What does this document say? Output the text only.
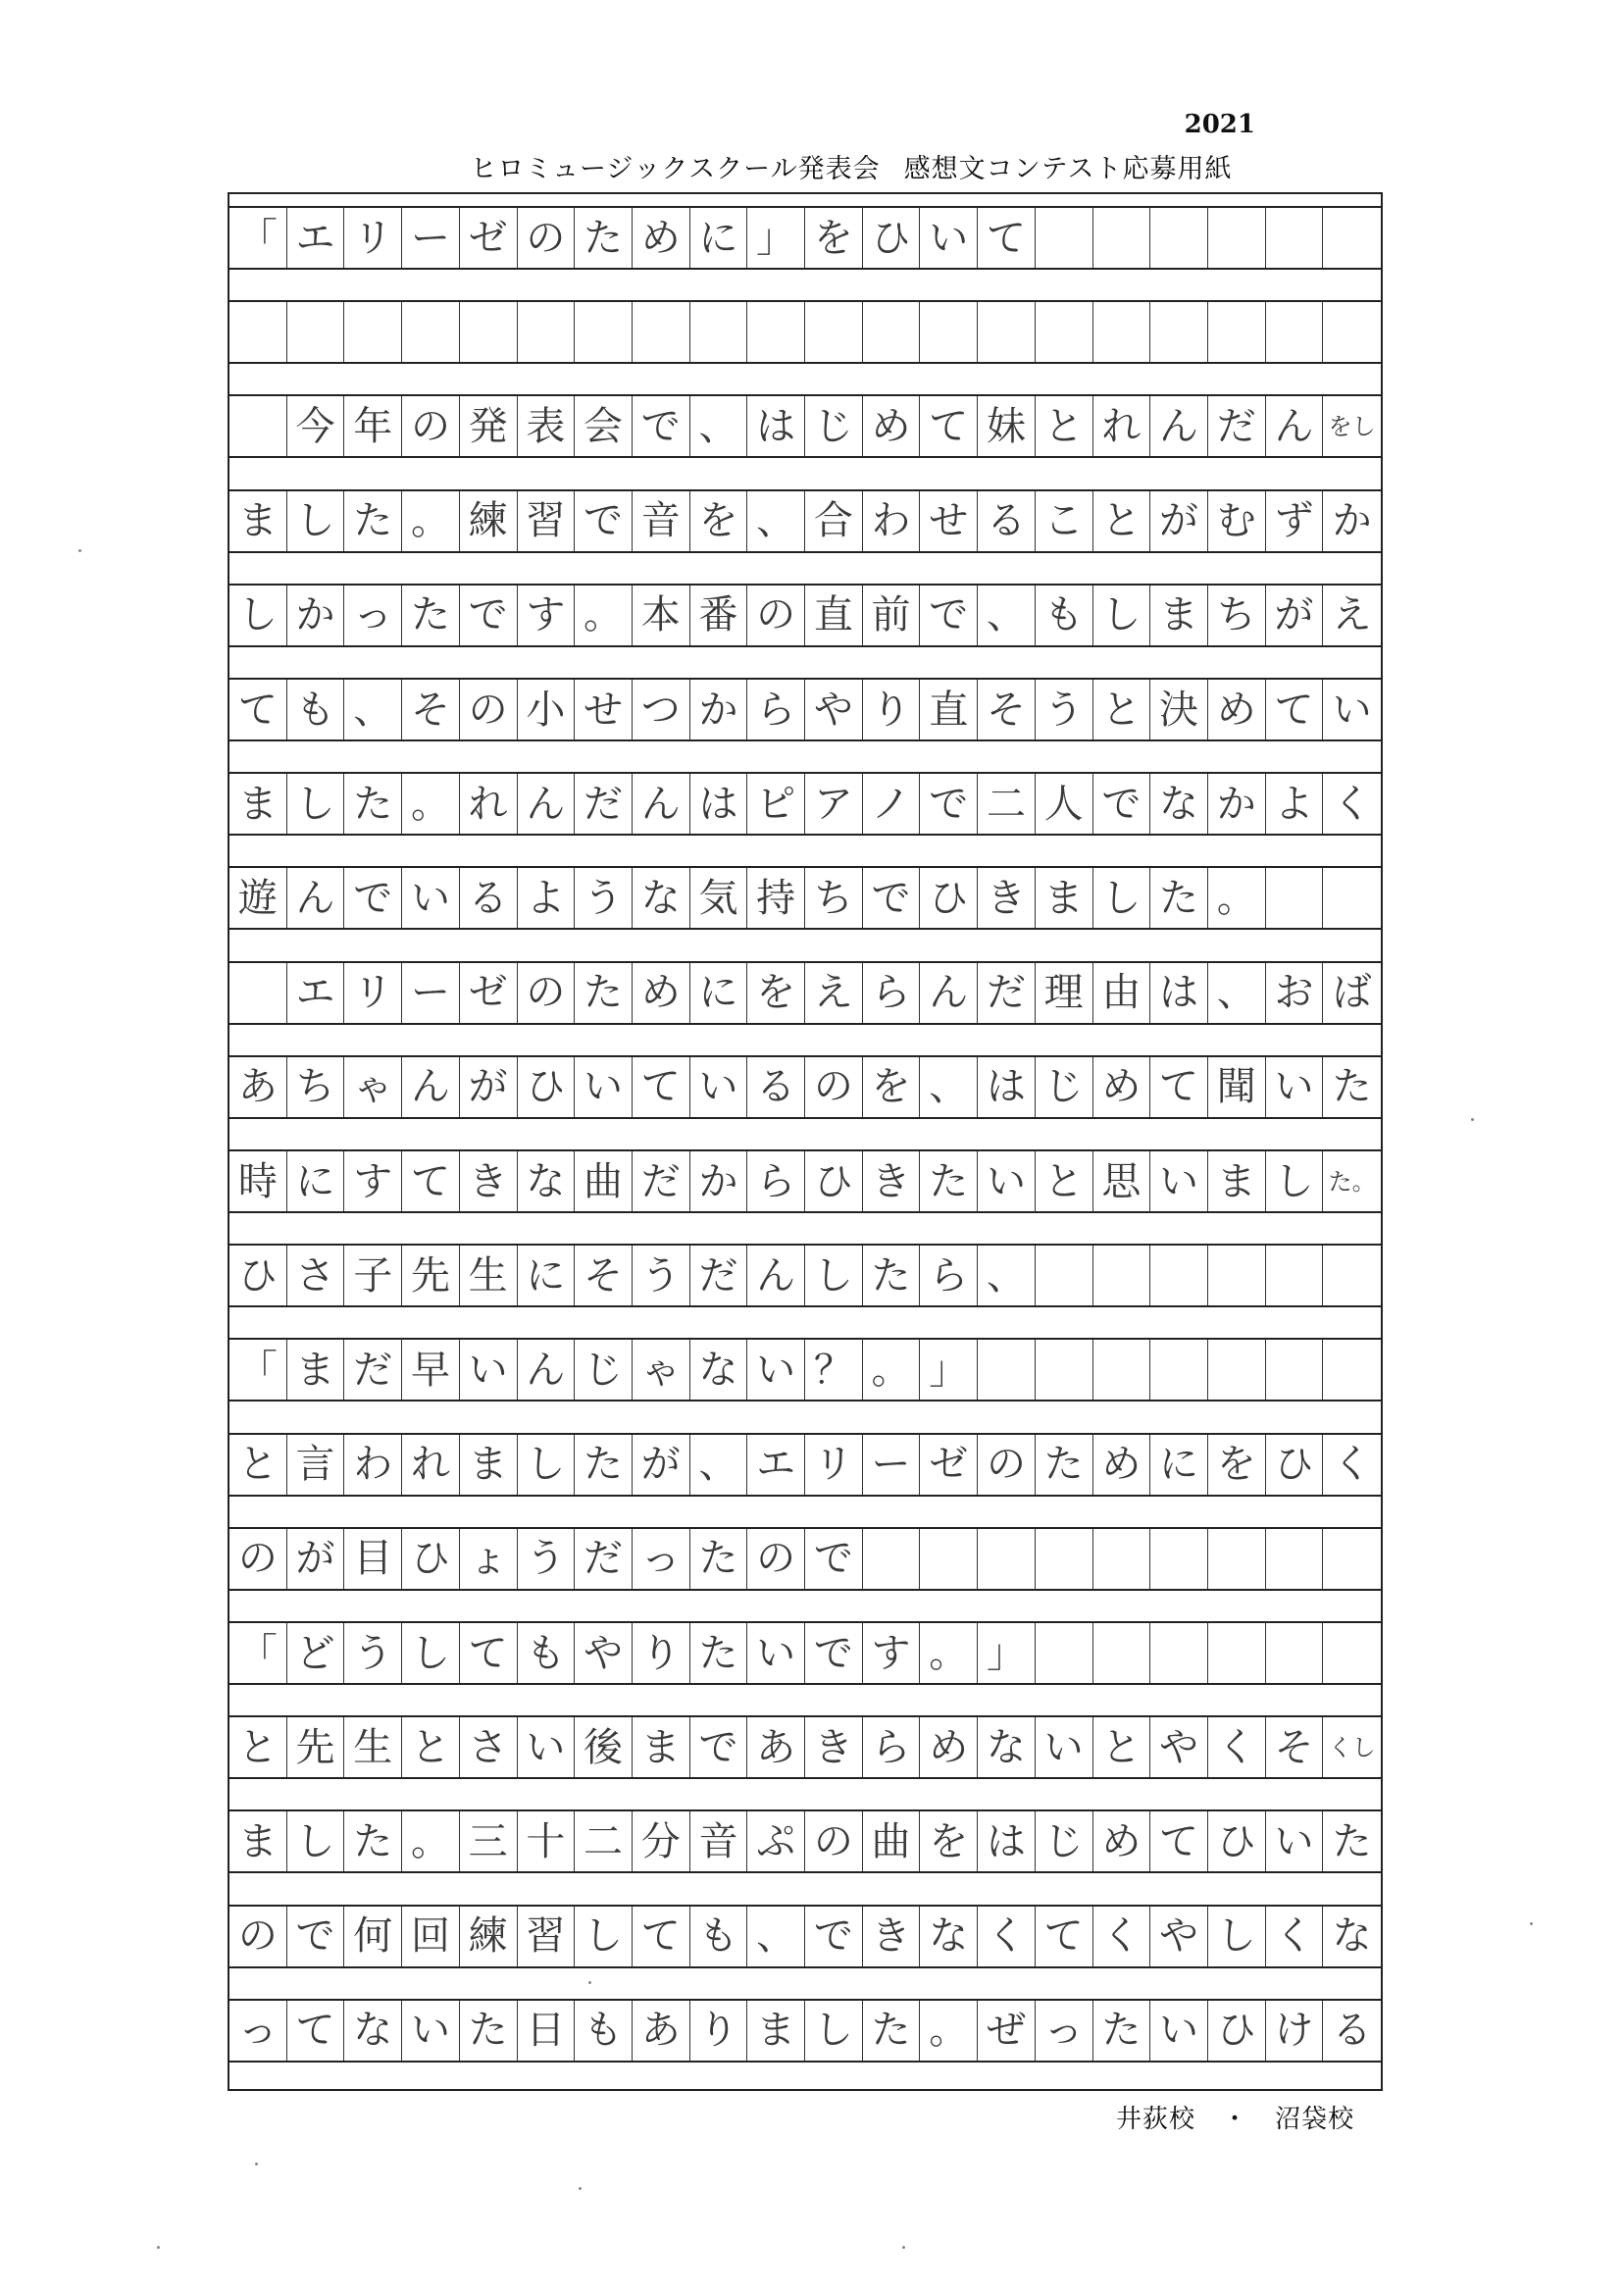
2021
ヒロミュージックスクール発表会 感想文コンテスト応募用紙
「 エ リ ー ゼ の た め に 」 を ひ い て

今 年 の 発 表 会 で 、 は じ め て 妹 と れ ん だ ん をし
ま し た 。 練 習 で 音 を 、 合 わ せ る こ と が む ず か
し か っ た で す 。 本 番 の 直 前 で 、 も し ま ち が え
て も 、 そ の 小 せ つ か ら や り 直 そ う と 決 め て い
ま し た 。 れ ん だ ん は ピ ア ノ で 二 人 で な か よ く
遊 ん で い る よ う な 気 持 ち で ひ き ま し た 。

エ リ ー ゼ の た め に を え ら ん だ 理 由 は 、 お ば
あ ち ゃ ん が ひ い て い る の を 、 は じ め て 聞 い た
時 に す て き な 曲 だ か ら ひ き た い と 思 い ま し た。
ひ さ 子 先 生 に そ う だ ん し た ら 、
「 ま だ 早 い ん じ ゃ な い ？ 。 」
と 言 わ れ ま し た が 、 エ リ ー ゼ の た め に を ひ く
の が 目 ひ ょ う だ っ た の で
「 ど う し て も や り た い で す 。 」
と 先 生 と さ い 後 ま で あ き ら め な い と や く そ くし
ま し た 。 三 十 二 分 音 ぷ の 曲 を は じ め て ひ い た
の で 何 回 練 習 し て も 、 で き な く て く や し く な
っ て な い た 日 も あ り ま し た 。 ぜ っ た い ひ け る
井荻校　 ・　 沼袋校
